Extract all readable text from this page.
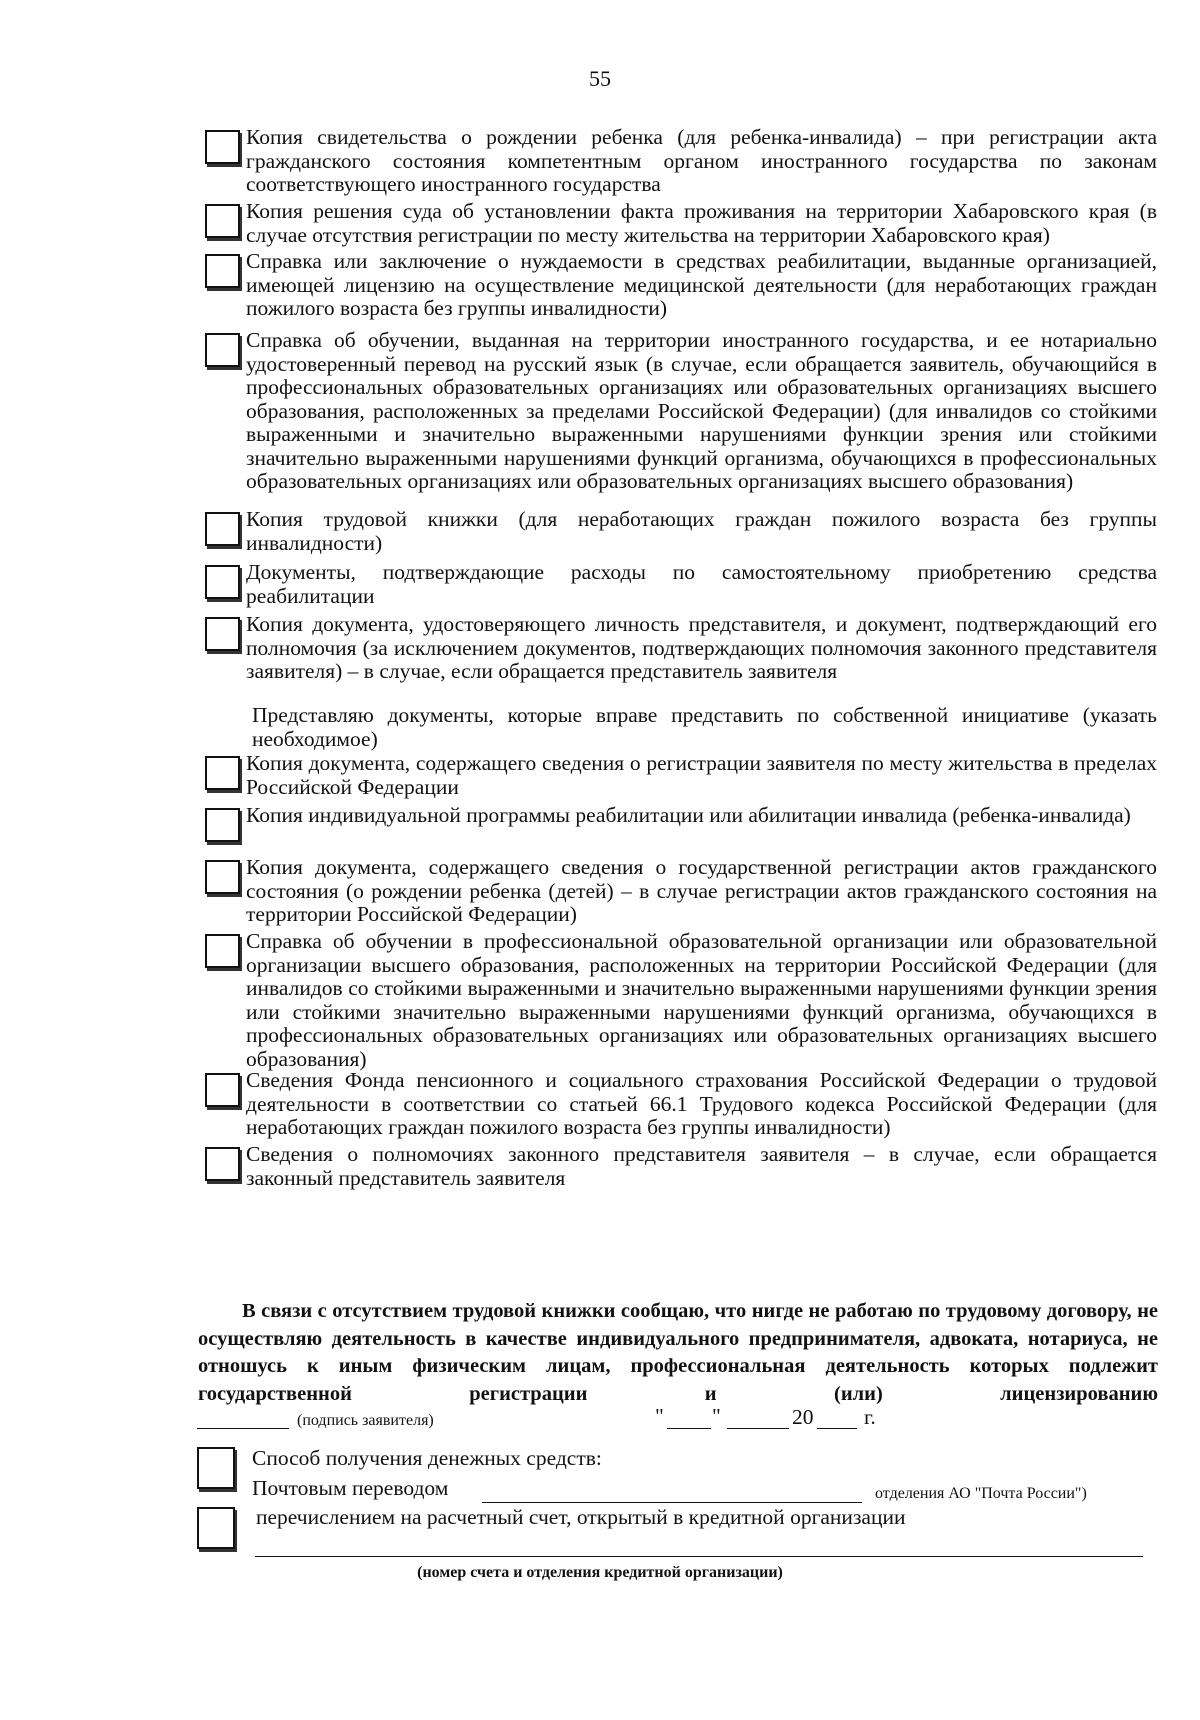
55
Копия свидетельства о рождении ребенка (для ребенка-инвалида) – при регистрации акта гражданского состояния компетентным органом иностранного государства по законам соответствующего иностранного государства
Копия решения суда об установлении факта проживания на территории Хабаровского края (в случае отсутствия регистрации по месту жительства на территории Хабаровского края)
Справка или заключение о нуждаемости в средствах реабилитации, выданные организацией, имеющей лицензию на осуществление медицинской деятельности (для неработающих граждан пожилого возраста без группы инвалидности)
Справка об обучении, выданная на территории иностранного государства, и ее нотариально удостоверенный перевод на русский язык (в случае, если обращается заявитель, обучающийся в профессиональных образовательных организациях или образовательных организациях высшего образования, расположенных за пределами Российской Федерации) (для инвалидов со стойкими выраженными и значительно выраженными нарушениями функции зрения или стойкими значительно выраженными нарушениями функций организма, обучающихся в профессиональных образовательных организациях или образовательных организациях высшего образования)
Копия трудовой книжки (для неработающих граждан пожилого возраста без группы инвалидности)
Документы, подтверждающие расходы по самостоятельному приобретению средства реабилитации
Копия документа, удостоверяющего личность представителя, и документ, подтверждающий его полномочия (за исключением документов, подтверждающих полномочия законного представителя заявителя) – в случае, если обращается представитель заявителя
Представляю документы, которые вправе представить по собственной инициативе (указать необходимое)
Копия документа, содержащего сведения о регистрации заявителя по месту жительства в пределах Российской Федерации
Копия индивидуальной программы реабилитации или абилитации инвалида (ребенка-инвалида)
Копия документа, содержащего сведения о государственной регистрации актов гражданского состояния (о рождении ребенка (детей) – в случае регистрации актов гражданского состояния на территории Российской Федерации)
Справка об обучении в профессиональной образовательной организации или образовательной организации высшего образования, расположенных на территории Российской Федерации (для инвалидов со стойкими выраженными и значительно выраженными нарушениями функции зрения или стойкими значительно выраженными нарушениями функций организма, обучающихся в профессиональных образовательных организациях или образовательных организациях высшего образования)
Сведения Фонда пенсионного и социального страхования Российской Федерации о трудовой деятельности в соответствии со статьей 66.1 Трудового кодекса Российской Федерации (для неработающих граждан пожилого возраста без группы инвалидности)
Сведения о полномочиях законного представителя заявителя – в случае, если обращается законный представитель заявителя
В связи с отсутствием трудовой книжки сообщаю, что нигде не работаю по трудовому договору, не осуществляю деятельность в качестве индивидуального предпринимателя, адвоката, нотариуса, не отношусь к иным физическим лицам, профессиональная деятельность которых подлежит государственной регистрации и (или) лицензированию
(подпись заявителя)	" "	20 г.
Способ получения денежных средств:
Почтовым переводом	отделения АО "Почта России")
перечислением на расчетный счет, открытый в кредитной организации
(номер счета и отделения кредитной организации)
